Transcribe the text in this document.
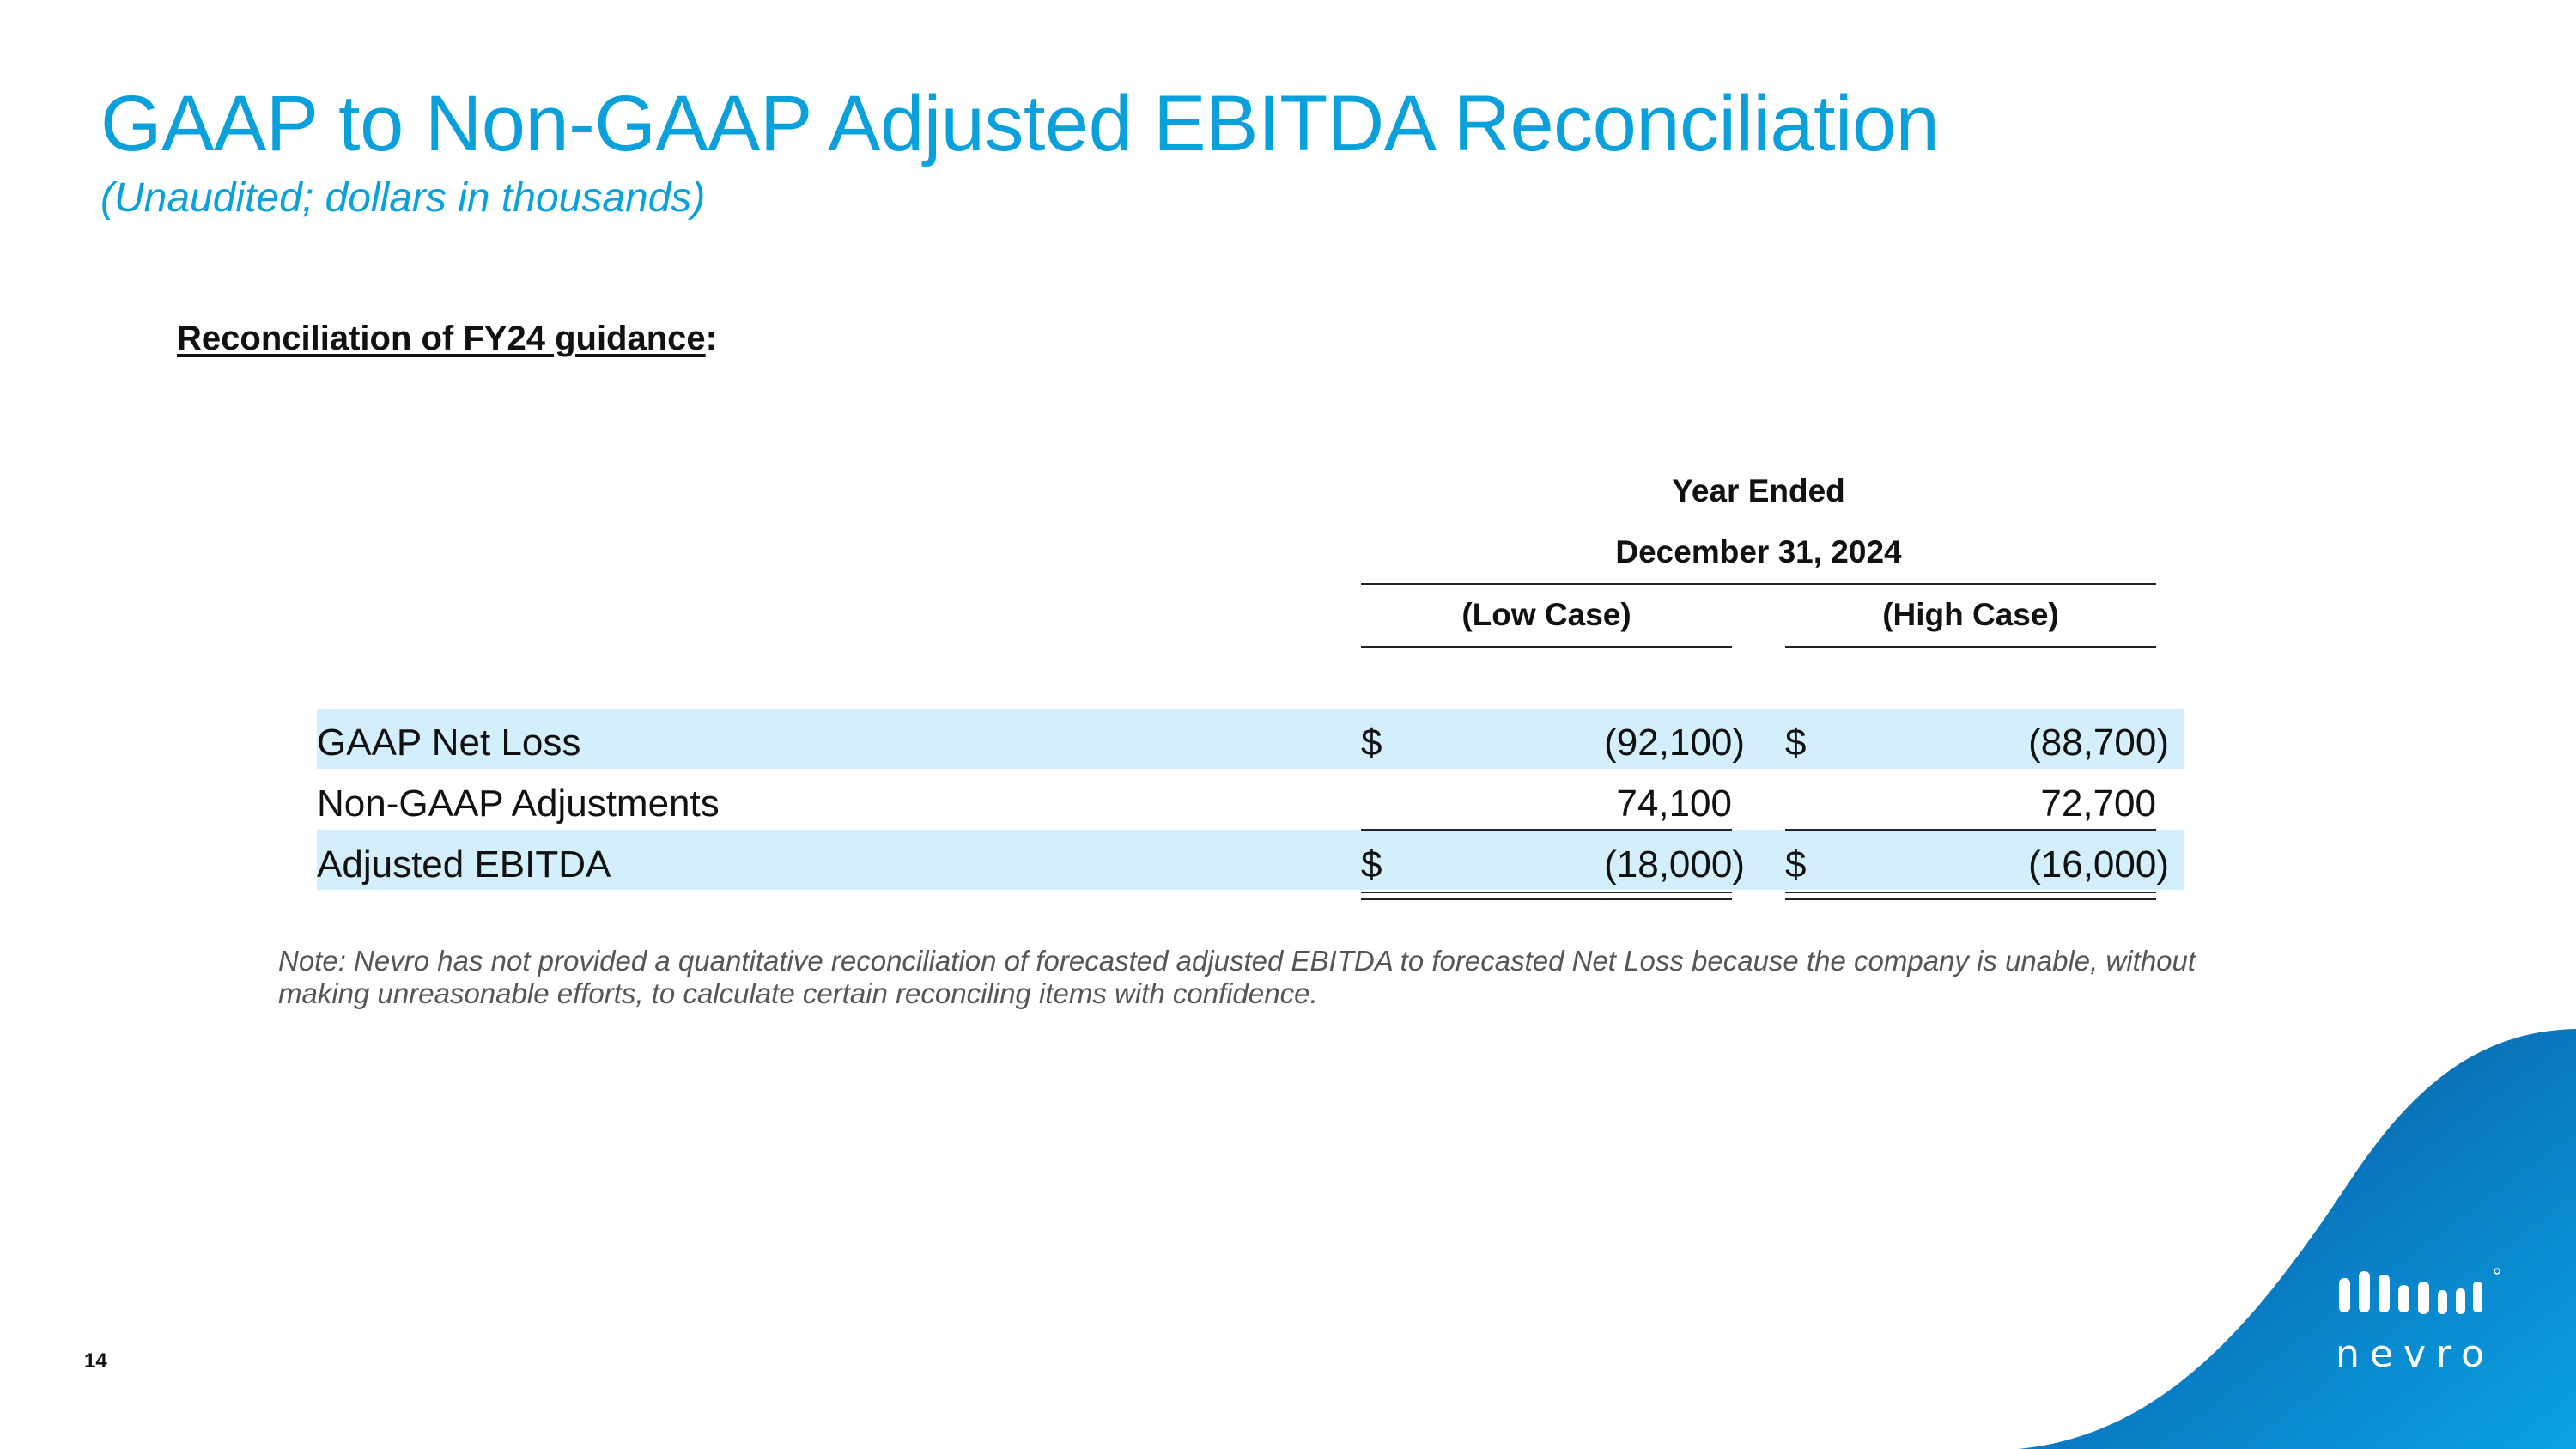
GAAP to Non-GAAP Adjusted EBITDA Reconciliation
(Unaudited; dollars in thousands)
Reconciliation of FY24 guidance:
Year Ended
December 31, 2024
(Low Case)	(High Case)
GAAP Net Loss	$	(92,100) $	(88,700)
Non-GAAP Adjustments	74,100	72,700
Adjusted EBITDA	$	(18,000) $	(16,000)
Note: Nevro has not provided a quantitative reconciliation of forecasted adjusted EBITDA to forecasted Net Loss because the company is unable, without making unreasonable efforts, to calculate certain reconciling items with confidence.
14	nevro
